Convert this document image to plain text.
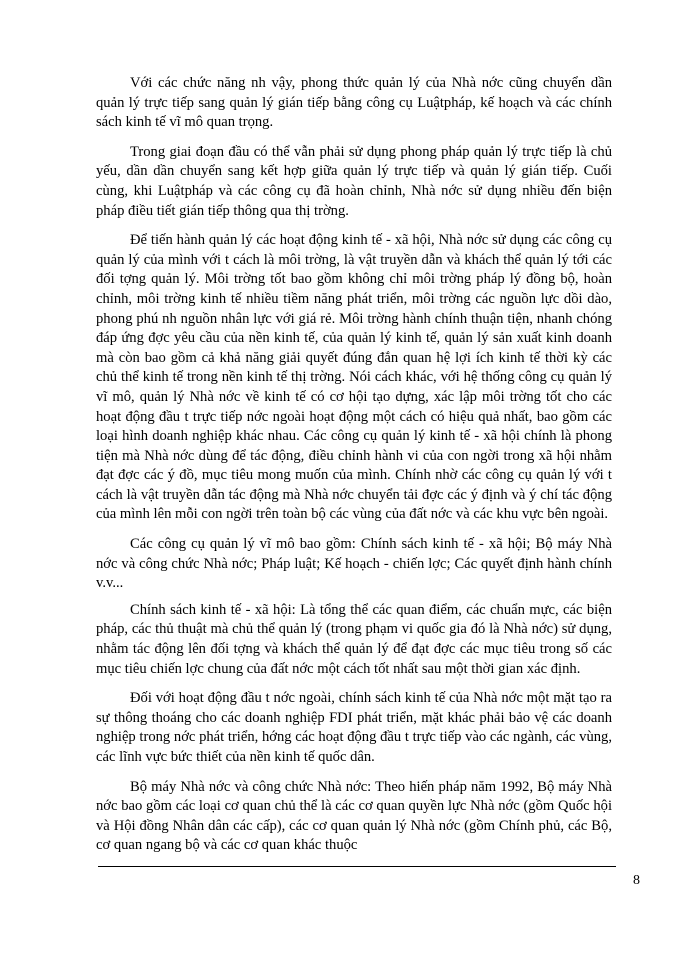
Với các chức năng nh vậy, phong thức quản lý của Nhà nớc cũng chuyển dần quản lý trực tiếp sang quản lý gián tiếp bằng công cụ Luậtpháp, kế hoạch và các chính sách kinh tế vĩ mô quan trọng.

Trong giai đoạn đầu có thể vẫn phải sử dụng phong pháp quản lý trực tiếp là chủ yếu, dần dần chuyển sang kết hợp giữa quản lý trực tiếp và quản lý gián tiếp. Cuối cùng, khi Luậtpháp và các công cụ đã hoàn chỉnh, Nhà nớc sử dụng nhiều đến biện pháp điều tiết gián tiếp thông qua thị trờng.

Để tiến hành quản lý các hoạt động kinh tế - xã hội, Nhà nớc sử dụng các công cụ quản lý của mình với t cách là môi trờng, là vật truyền dẫn và khách thể quản lý tới các đối tợng quản lý. Môi trờng tốt bao gồm không chỉ môi trờng pháp lý đồng bộ, hoàn chỉnh, môi trờng kinh tế nhiều tiềm năng phát triển, môi trờng các nguồn lực dồi dào, phong phú nh nguồn nhân lực với giá rẻ. Môi trờng hành chính thuận tiện, nhanh chóng đáp ứng đợc yêu cầu của nền kinh tế, của quản lý kinh tế, quản lý sản xuất kinh doanh mà còn bao gồm cả khả năng giải quyết đúng đắn quan hệ lợi ích kinh tế thời kỳ các chủ thể kinh tế trong nền kinh tế thị trờng. Nói cách khác, với hệ thống công cụ quản lý vĩ mô, quản lý Nhà nớc về kinh tế có cơ hội tạo dựng, xác lập môi trờng tốt cho các hoạt động đầu t trực tiếp nớc ngoài hoạt động một cách có hiệu quả nhất, bao gồm các loại hình doanh nghiệp khác nhau. Các công cụ quản lý kinh tế - xã hội chính là phong tiện mà Nhà nớc dùng để tác động, điều chỉnh hành vi của con ngời trong xã hội nhằm đạt đợc các ý đồ, mục tiêu mong muốn của mình. Chính nhờ các công cụ quản lý với t cách là vật truyền dẫn tác động mà Nhà nớc chuyển tải đợc các ý định và ý chí tác động của mình lên mỗi con ngời trên toàn bộ các vùng của đất nớc và các khu vực bên ngoài.

Các công cụ quản lý vĩ mô bao gồm: Chính sách kinh tế - xã hội; Bộ máy Nhà nớc và công chức Nhà nớc; Pháp luật; Kế hoạch - chiến lợc; Các quyết định hành chính v.v...

Chính sách kinh tế - xã hội: Là tổng thể các quan điểm, các chuẩn mực, các biện pháp, các thủ thuật mà chủ thể quản lý (trong phạm vi quốc gia đó là Nhà nớc) sử dụng, nhằm tác động lên đối tợng và khách thể quản lý để đạt đợc các mục tiêu trong số các mục tiêu chiến lợc chung của đất nớc một cách tốt nhất sau một thời gian xác định.

Đối với hoạt động đầu t nớc ngoài, chính sách kinh tế của Nhà nớc một mặt tạo ra sự thông thoáng cho các doanh nghiệp FDI phát triển, mặt khác phải bảo vệ các doanh nghiệp trong nớc phát triển, hớng các hoạt động đầu t trực tiếp vào các ngành, các vùng, các lĩnh vực bức thiết của nền kinh tế quốc dân.

Bộ máy Nhà nớc và công chức Nhà nớc: Theo hiến pháp năm 1992, Bộ máy Nhà nớc bao gồm các loại cơ quan chủ thể là các cơ quan quyền lực Nhà nớc (gồm Quốc hội và Hội đồng Nhân dân các cấp), các cơ quan quản lý Nhà nớc (gồm Chính phủ, các Bộ, cơ quan ngang bộ và các cơ quan khác thuộc

8
